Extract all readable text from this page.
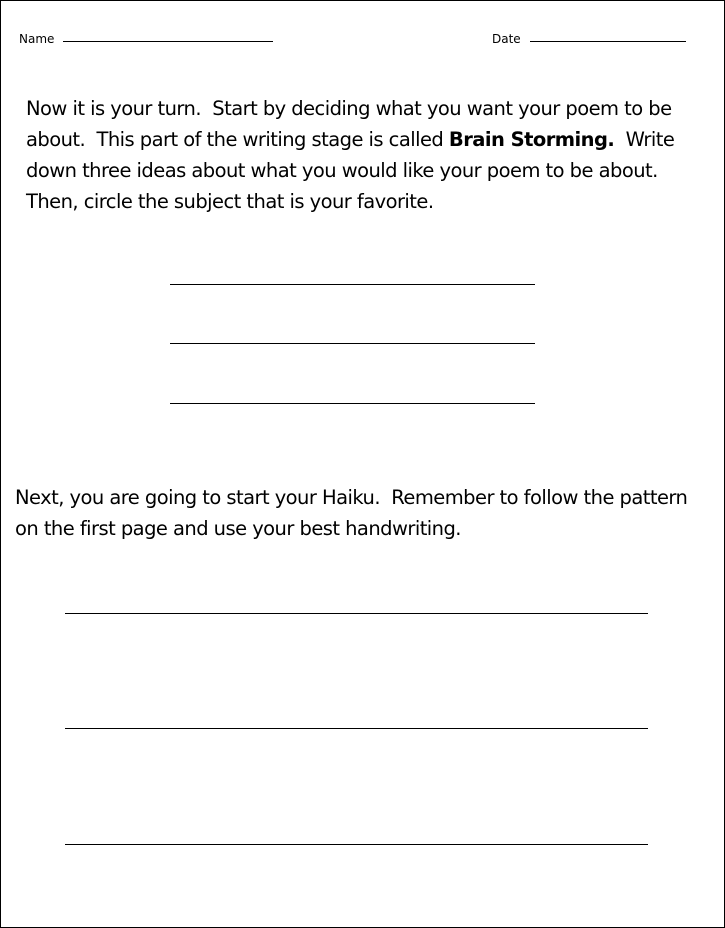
Name	Date

Now it is your turn.  Start by deciding what you want your poem to be
about.  This part of the writing stage is called Brain Storming.  Write
down three ideas about what you would like your poem to be about.
Then, circle the subject that is your favorite.

Next, you are going to start your Haiku.  Remember to follow the pattern
on the first page and use your best handwriting.
